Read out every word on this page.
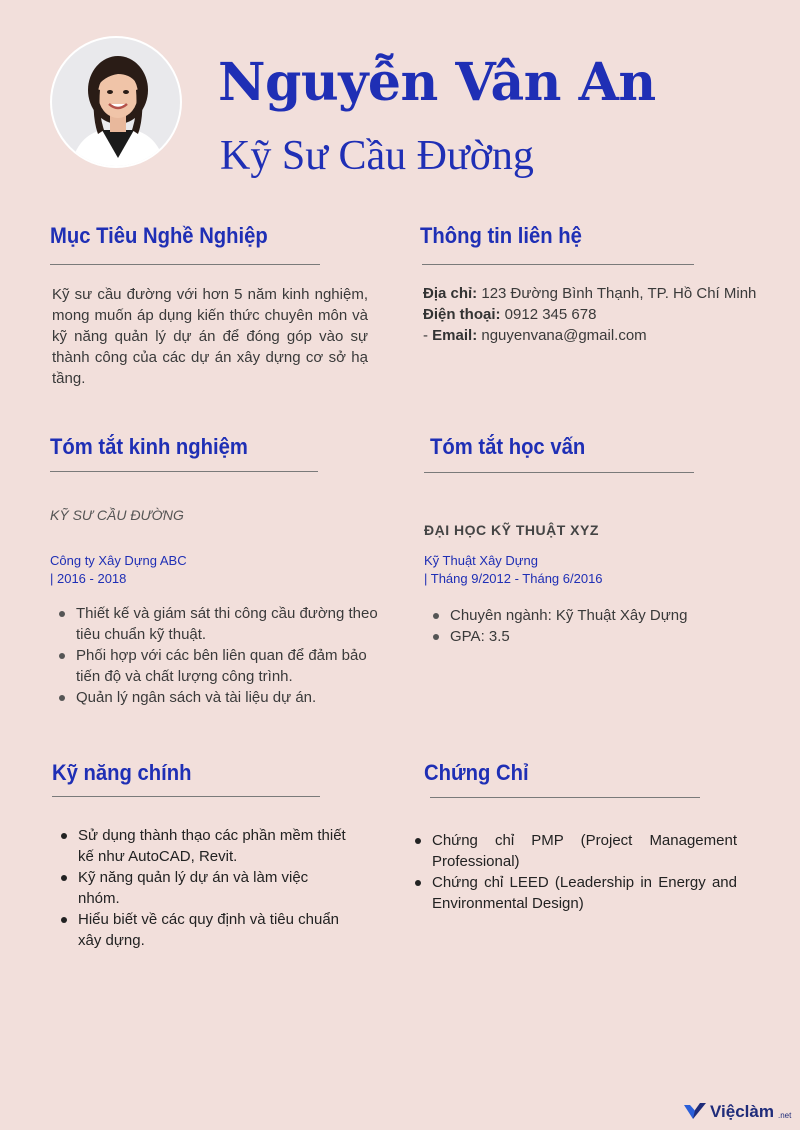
Nguyễn Vân An
Kỹ Sư Cầu Đường
Mục Tiêu Nghề Nghiệp
Kỹ sư cầu đường với hơn 5 năm kinh nghiệm, mong muốn áp dụng kiến thức chuyên môn và kỹ năng quản lý dự án để đóng góp vào sự thành công của các dự án xây dựng cơ sở hạ tầng.
Thông tin liên hệ
Địa chỉ: 123 Đường Bình Thạnh, TP. Hồ Chí Minh
Điện thoại: 0912 345 678
- Email: nguyenvana@gmail.com
Tóm tắt kinh nghiệm
KỸ SƯ CẦU ĐƯỜNG
Công ty Xây Dựng ABC
| 2016 - 2018
Thiết kế và giám sát thi công cầu đường theo tiêu chuẩn kỹ thuật.
Phối hợp với các bên liên quan để đảm bảo tiến độ và chất lượng công trình.
Quản lý ngân sách và tài liệu dự án.
Tóm tắt học vấn
ĐẠI HỌC KỸ THUẬT XYZ
Kỹ Thuật Xây Dựng
| Tháng 9/2012 - Tháng 6/2016
Chuyên ngành: Kỹ Thuật Xây Dựng
GPA: 3.5
Kỹ năng chính
Sử dụng thành thạo các phần mềm thiết kế như AutoCAD, Revit.
Kỹ năng quản lý dự án và làm việc nhóm.
Hiểu biết về các quy định và tiêu chuẩn xây dựng.
Chứng Chỉ
Chứng chỉ PMP (Project Management Professional)
Chứng chỉ LEED (Leadership in Energy and Environmental Design)
Việclàm .net
